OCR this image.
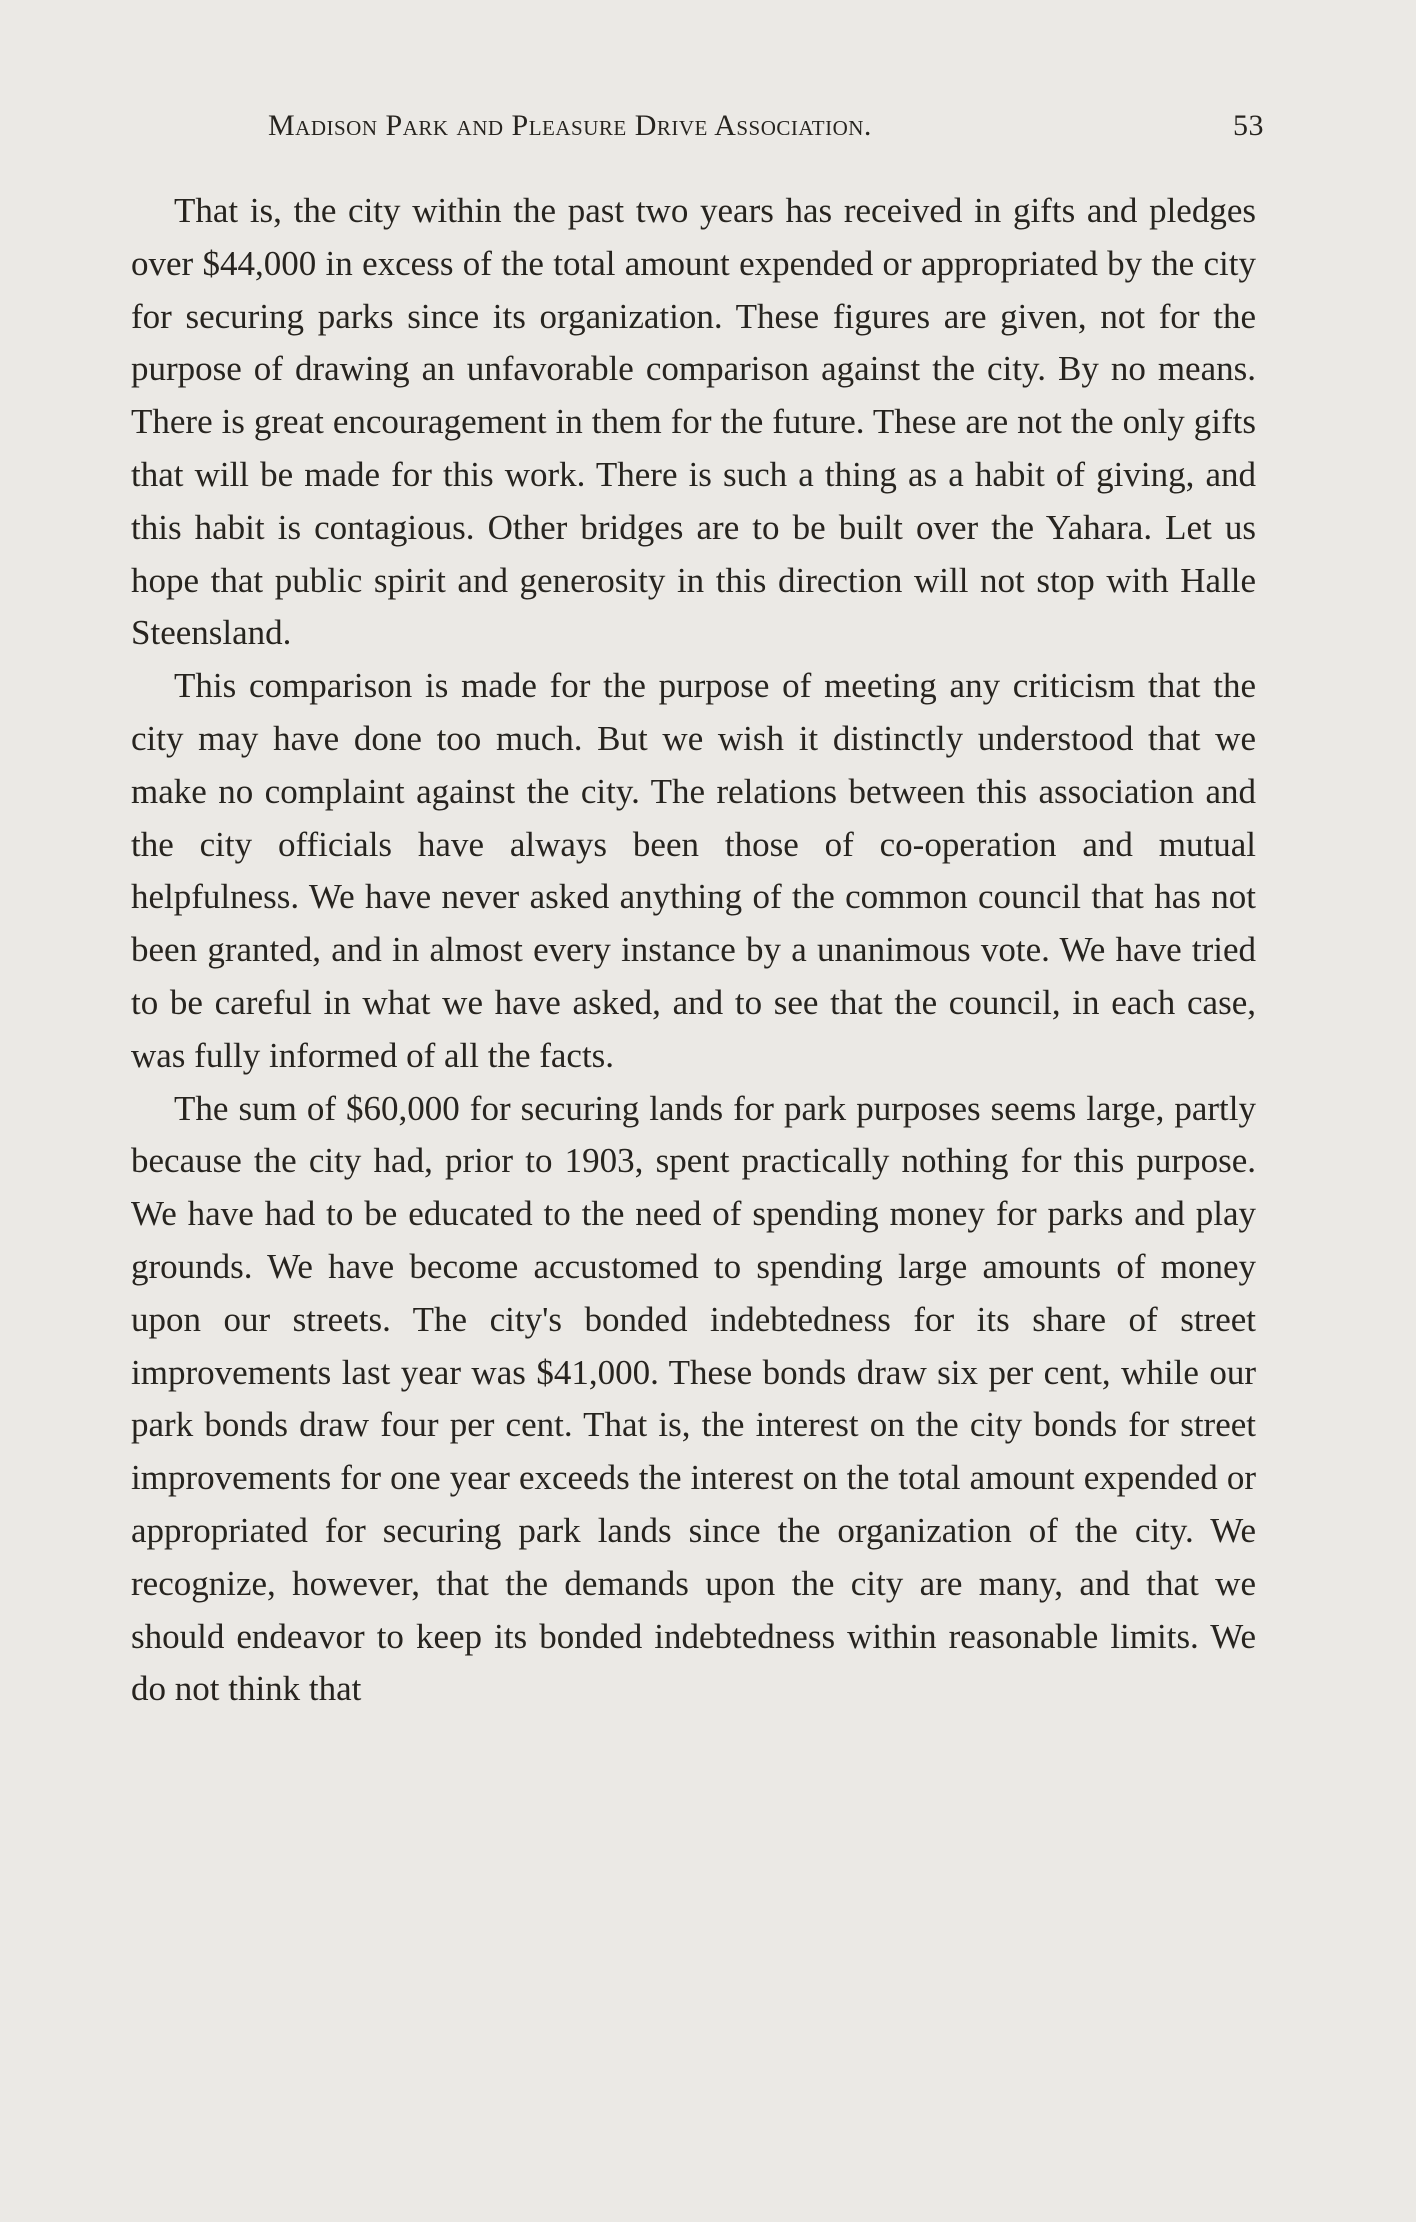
Madison Park and Pleasure Drive Association.	53

That is, the city within the past two years has received in gifts and pledges over $44,000 in excess of the total amount expended or appropriated by the city for securing parks since its organization. These figures are given, not for the purpose of drawing an unfavorable comparison against the city. By no means. There is great encouragement in them for the future. These are not the only gifts that will be made for this work. There is such a thing as a habit of giving, and this habit is contagious. Other bridges are to be built over the Yahara. Let us hope that public spirit and generosity in this direction will not stop with Halle Steensland.

This comparison is made for the purpose of meeting any criticism that the city may have done too much. But we wish it distinctly understood that we make no complaint against the city. The relations between this association and the city officials have always been those of co-operation and mutual helpfulness. We have never asked anything of the common council that has not been granted, and in almost every instance by a unanimous vote. We have tried to be careful in what we have asked, and to see that the council, in each case, was fully informed of all the facts.

The sum of $60,000 for securing lands for park purposes seems large, partly because the city had, prior to 1903, spent practically nothing for this purpose. We have had to be educated to the need of spending money for parks and play grounds. We have become accustomed to spending large amounts of money upon our streets. The city's bonded indebtedness for its share of street improvements last year was $41,000. These bonds draw six per cent, while our park bonds draw four per cent. That is, the interest on the city bonds for street improvements for one year exceeds the interest on the total amount expended or appropriated for securing park lands since the organization of the city. We recognize, however, that the demands upon the city are many, and that we should endeavor to keep its bonded indebtedness within reasonable limits. We do not think that
